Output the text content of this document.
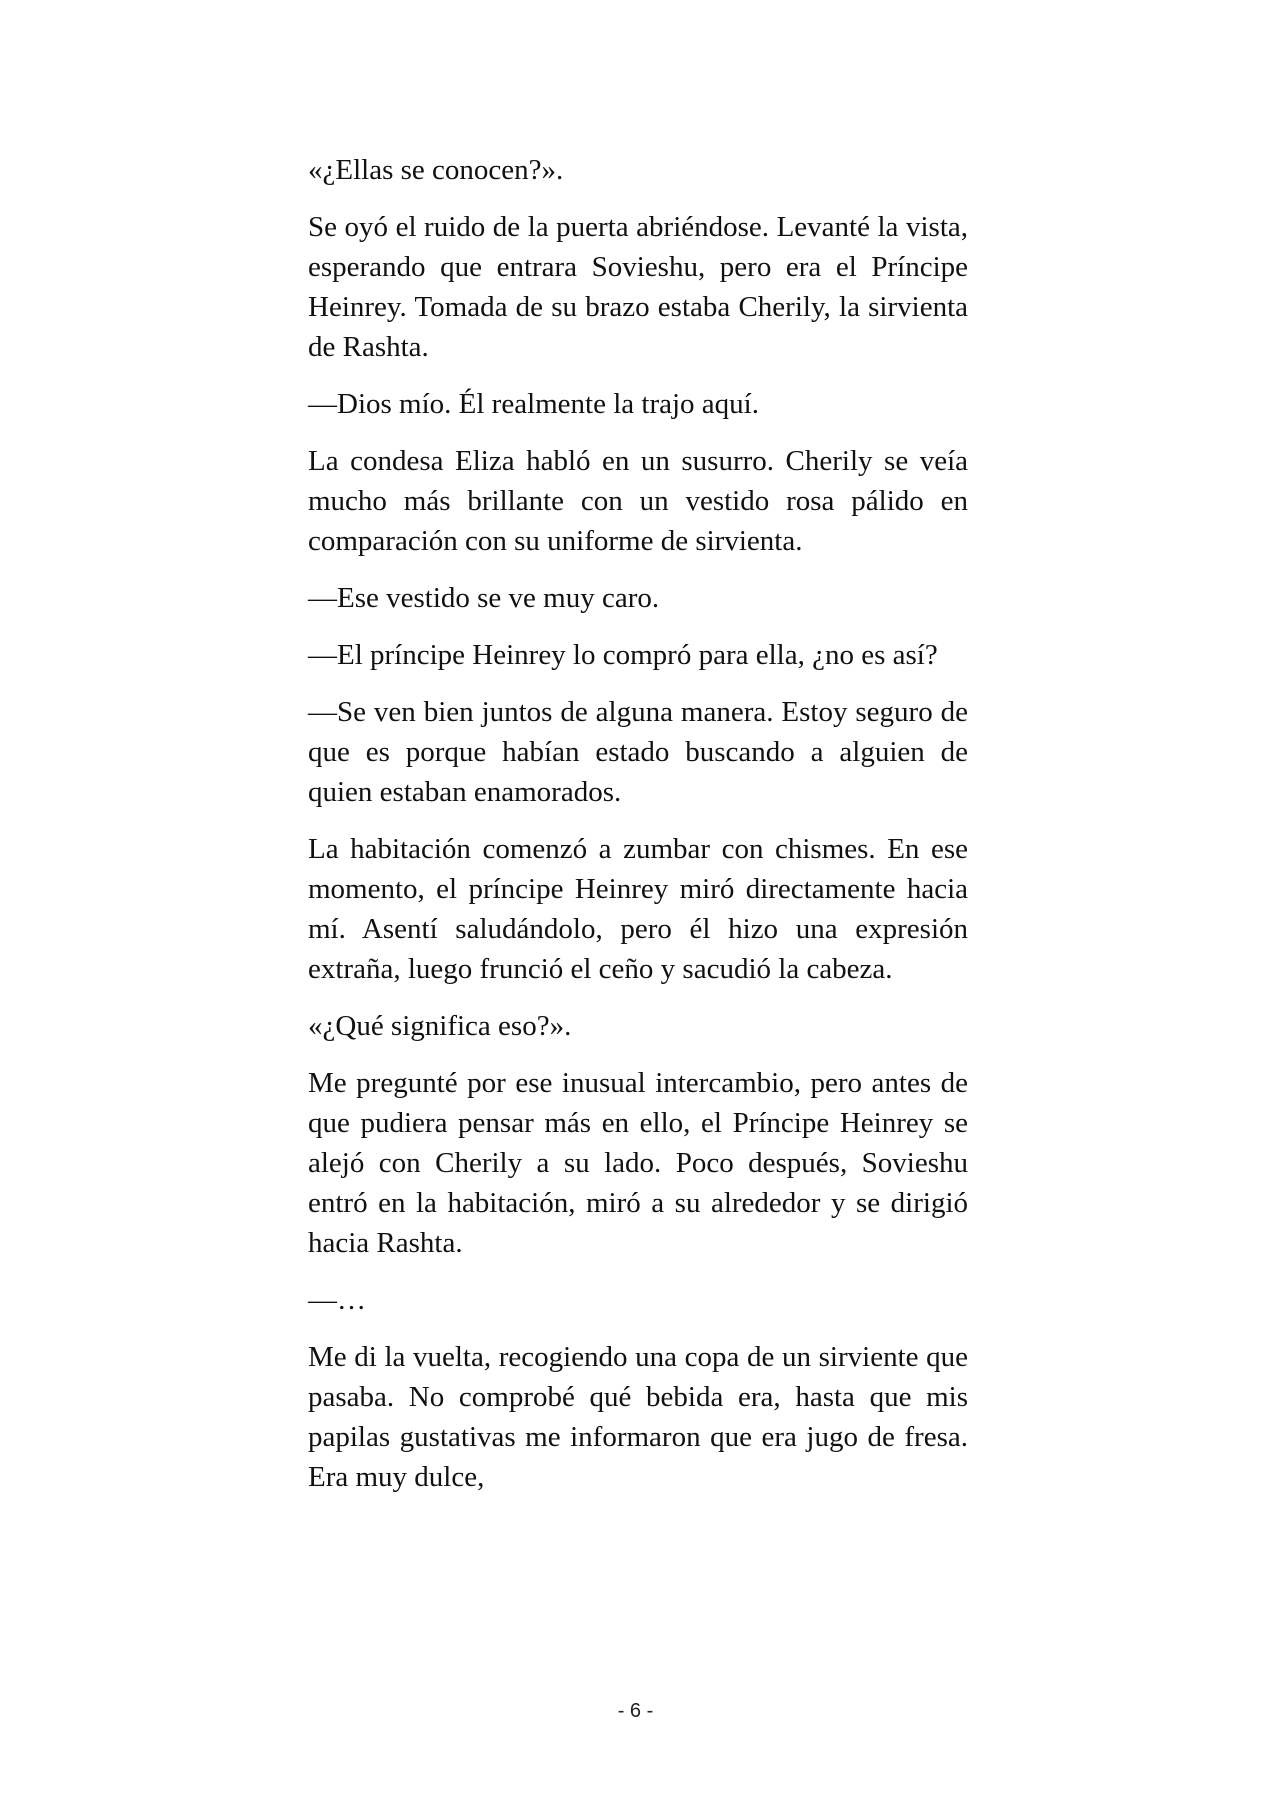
«¿Ellas se conocen?».

Se oyó el ruido de la puerta abriéndose. Levanté la vista, esperando que entrara Sovieshu, pero era el Príncipe Heinrey. Tomada de su brazo estaba Cherily, la sirvienta de Rashta.

—Dios mío. Él realmente la trajo aquí.

La condesa Eliza habló en un susurro. Cherily se veía mucho más brillante con un vestido rosa pálido en comparación con su uniforme de sirvienta.

—Ese vestido se ve muy caro.

—El príncipe Heinrey lo compró para ella, ¿no es así?

—Se ven bien juntos de alguna manera. Estoy seguro de que es porque habían estado buscando a alguien de quien estaban enamorados.

La habitación comenzó a zumbar con chismes. En ese momento, el príncipe Heinrey miró directamente hacia mí. Asentí saludándolo, pero él hizo una expresión extraña, luego frunció el ceño y sacudió la cabeza.

«¿Qué significa eso?».

Me pregunté por ese inusual intercambio, pero antes de que pudiera pensar más en ello, el Príncipe Heinrey se alejó con Cherily a su lado. Poco después, Sovieshu entró en la habitación, miró a su alrededor y se dirigió hacia Rashta.

—…

Me di la vuelta, recogiendo una copa de un sirviente que pasaba. No comprobé qué bebida era, hasta que mis papilas gustativas me informaron que era jugo de fresa. Era muy dulce,

- 6 -
